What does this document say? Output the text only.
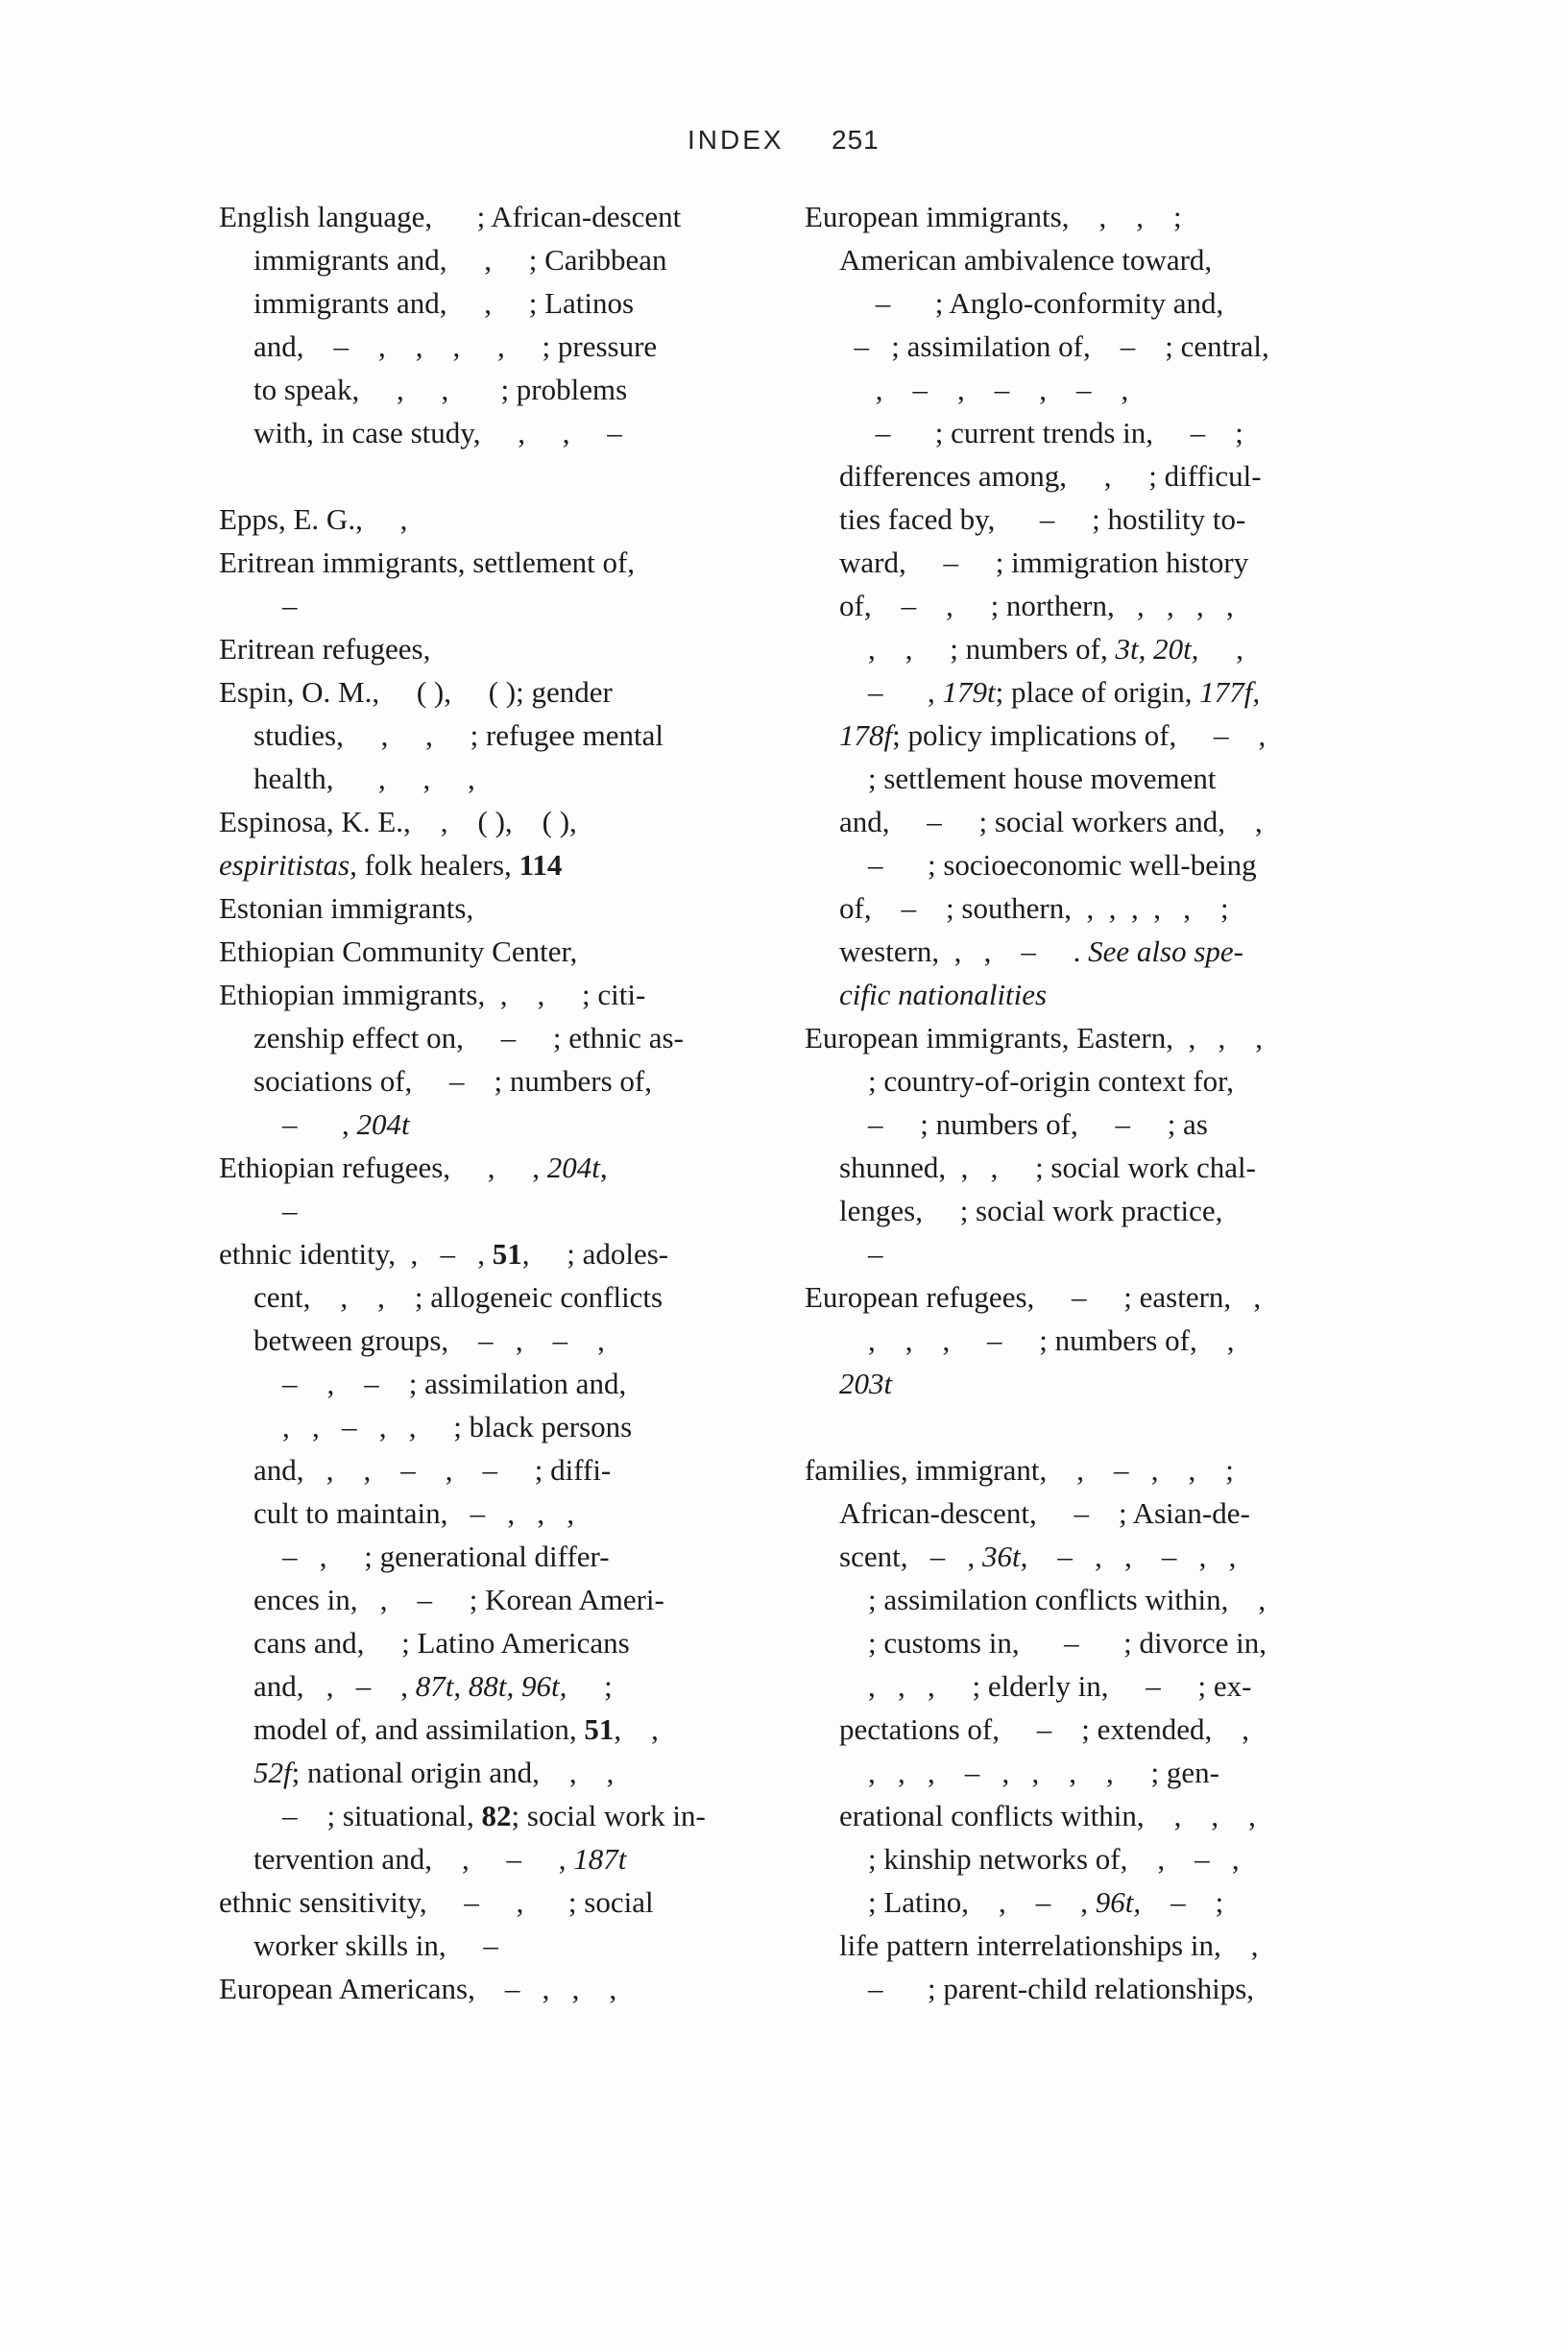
INDEX 251
English language,      ; African-descent
immigrants and,     ,     ; Caribbean
immigrants and,     ,     ; Latinos
and,    –    ,    ,    ,     ,     ; pressure
to speak,     ,     ,       ; problems
with, in case study,     ,     ,     –
Epps, E. G.,     ,
Eritrean immigrants, settlement of,
–
Eritrean refugees,
Espin, O. M.,     ( ),     ( ); gender
studies,     ,     ,     ; refugee mental
health,      ,     ,     ,
Espinosa, K. E.,    ,    ( ),    ( ),
espiritistas, folk healers, 114
Estonian immigrants,
Ethiopian Community Center,
Ethiopian immigrants,  ,    ,     ; citi-
zenship effect on,     –     ; ethnic as-
sociations of,     –    ; numbers of,
–      , 204t
Ethiopian refugees,     ,     , 204t,
–
ethnic identity,  ,   –   , 51,     ; adoles-
cent,    ,    ,    ; allogeneic conflicts
between groups,    –   ,    –    ,
–    ,    –    ; assimilation and,
,   ,   –   ,   ,     ; black persons
and,   ,    ,    –    ,    –     ; diffi-
cult to maintain,   –   ,   ,   ,
–   ,     ; generational differ-
ences in,   ,    –     ; Korean Ameri-
cans and,     ; Latino Americans
and,   ,   –    , 87t, 88t, 96t,     ;
model of, and assimilation, 51,    ,
52f; national origin and,    ,    ,
–    ; situational, 82; social work in-
tervention and,    ,     –     , 187t
ethnic sensitivity,     –     ,      ; social
worker skills in,     –
European Americans,    –   ,   ,    ,
European immigrants,    ,    ,    ;
American ambivalence toward,
–      ; Anglo-conformity and,
–   ; assimilation of,    –    ; central,
,    –    ,    –    ,    –    ,
–      ; current trends in,     –    ;
differences among,     ,     ; difficul-
ties faced by,      –     ; hostility to-
ward,     –     ; immigration history
of,    –    ,     ; northern,   ,   ,   ,   ,
,    ,     ; numbers of, 3t, 20t,     ,
–      , 179t; place of origin, 177f,
178f; policy implications of,     –    ,
; settlement house movement
and,     –     ; social workers and,    ,
–      ; socioeconomic well-being
of,    –    ; southern,  ,  ,  ,  ,   ,    ;
western,  ,   ,    –     . See also spe-
cific nationalities
European immigrants, Eastern,  ,   ,    ,
; country-of-origin context for,
–     ; numbers of,     –     ; as
shunned,  ,   ,     ; social work chal-
lenges,     ; social work practice,
–
European refugees,     –     ; eastern,   ,
,    ,    ,     –     ; numbers of,    ,
203t
families, immigrant,    ,    –   ,    ,    ;
African-descent,     –    ; Asian-de-
scent,   –   , 36t,    –   ,   ,    –   ,   ,
; assimilation conflicts within,    ,
; customs in,      –      ; divorce in,
,   ,   ,     ; elderly in,     –     ; ex-
pectations of,     –    ; extended,    ,
,   ,   ,    –   ,   ,    ,    ,     ; gen-
erational conflicts within,    ,    ,    ,
; kinship networks of,    ,    –   ,
; Latino,    ,    –    , 96t,    –    ;
life pattern interrelationships in,    ,
–      ; parent-child relationships,
